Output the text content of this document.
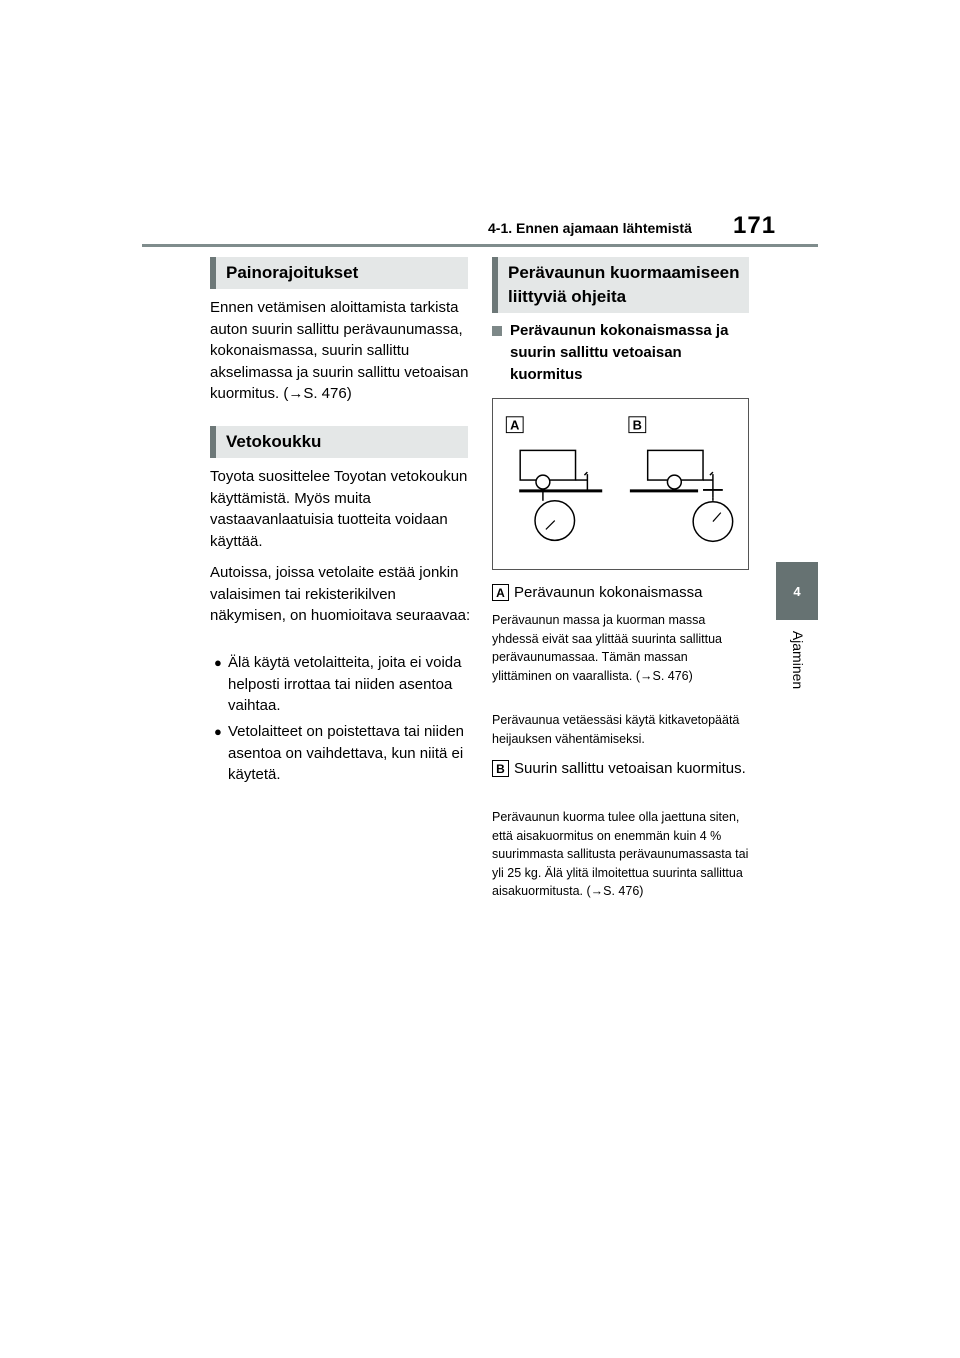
4-1. Ennen ajamaan lähtemistä 171
4
Ajaminen
Painorajoitukset
Ennen vetämisen aloittamista tarkista auton suurin sallittu perävaunumassa, kokonaismassa, suurin sallittu akselimassa ja suurin sallittu vetoaisan kuormitus. (→S. 476)
Vetokoukku
Toyota suosittelee Toyotan vetokoukun käyttämistä. Myös muita vastaavanlaatuisia tuotteita voidaan käyttää.
Autoissa, joissa vetolaite estää jonkin valaisimen tai rekisterikilven näkymisen, on huomioitava seuraavaa:
● Älä käytä vetolaitteita, joita ei voida helposti irrottaa tai niiden asentoa vaihtaa.
● Vetolaitteet on poistettava tai niiden asentoa on vaihdettava, kun niitä ei käytetä.
Perävaunun kuormaamiseen liittyviä ohjeita
Perävaunun kokonaismassa ja suurin sallittu vetoaisan kuormitus
A	B
A Perävaunun kokonaismassa
Perävaunun massa ja kuorman massa yhdessä eivät saa ylittää suurinta sallittua perävaunumassaa. Tämän massan ylittäminen on vaarallista. (→S. 476)
Perävaunua vetäessäsi käytä kitkavetopäätä heijauksen vähentämiseksi.
B Suurin sallittu vetoaisan kuormitus.
Perävaunun kuorma tulee olla jaettuna siten, että aisakuormitus on enemmän kuin 4 % suurimmasta sallitusta perävaunumassasta tai yli 25 kg. Älä ylitä ilmoitettua suurinta sallittua aisakuormitusta. (→S. 476)
